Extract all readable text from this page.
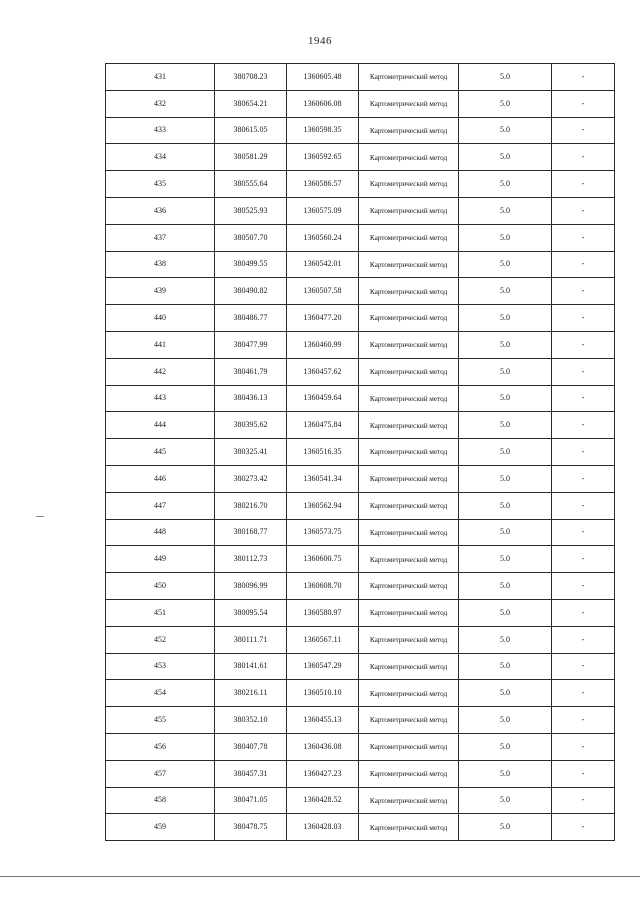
1946
431	380708.23	1360605.48	Картометрический метод	5.0	-
432	380654.21	1360606.08	Картометрический метод	5.0	-
433	380615.05	1360598.35	Картометрический метод	5.0	-
434	380581.29	1360592.65	Картометрический метод	5.0	-
435	380555.64	1360586.57	Картометрический метод	5.0	-
436	380525.93	1360575.09	Картометрический метод	5.0	-
437	380507.70	1360560.24	Картометрический метод	5.0	-
438	380499.55	1360542.01	Картометрический метод	5.0	-
439	380490.82	1360507.58	Картометрический метод	5.0	-
440	380486.77	1360477.20	Картометрический метод	5.0	-
441	380477.99	1360460.99	Картометрический метод	5.0	-
442	380461.79	1360457.62	Картометрический метод	5.0	-
443	380436.13	1360459.64	Картометрический метод	5.0	-
444	380395.62	1360475.84	Картометрический метод	5.0	-
445	380325.41	1360516.35	Картометрический метод	5.0	-
446	380273.42	1360541.34	Картометрический метод	5.0	-
447	380216.70	1360562.94	Картометрический метод	5.0	-
448	380168.77	1360573.75	Картометрический метод	5.0	-
449	380112.73	1360600.75	Картометрический метод	5.0	-
450	380096.99	1360608.70	Картометрический метод	5.0	-
451	380095.54	1360580.97	Картометрический метод	5.0	-
452	380111.71	1360567.11	Картометрический метод	5.0	-
453	380141.61	1360547.29	Картометрический метод	5.0	-
454	380216.11	1360510.10	Картометрический метод	5.0	-
455	380352.10	1360455.13	Картометрический метод	5.0	-
456	380407.78	1360436.08	Картометрический метод	5.0	-
457	380457.31	1360427.23	Картометрический метод	5.0	-
458	380471.05	1360428.52	Картометрический метод	5.0	-
459	380478.75	1360428.03	Картометрический метод	5.0	-
